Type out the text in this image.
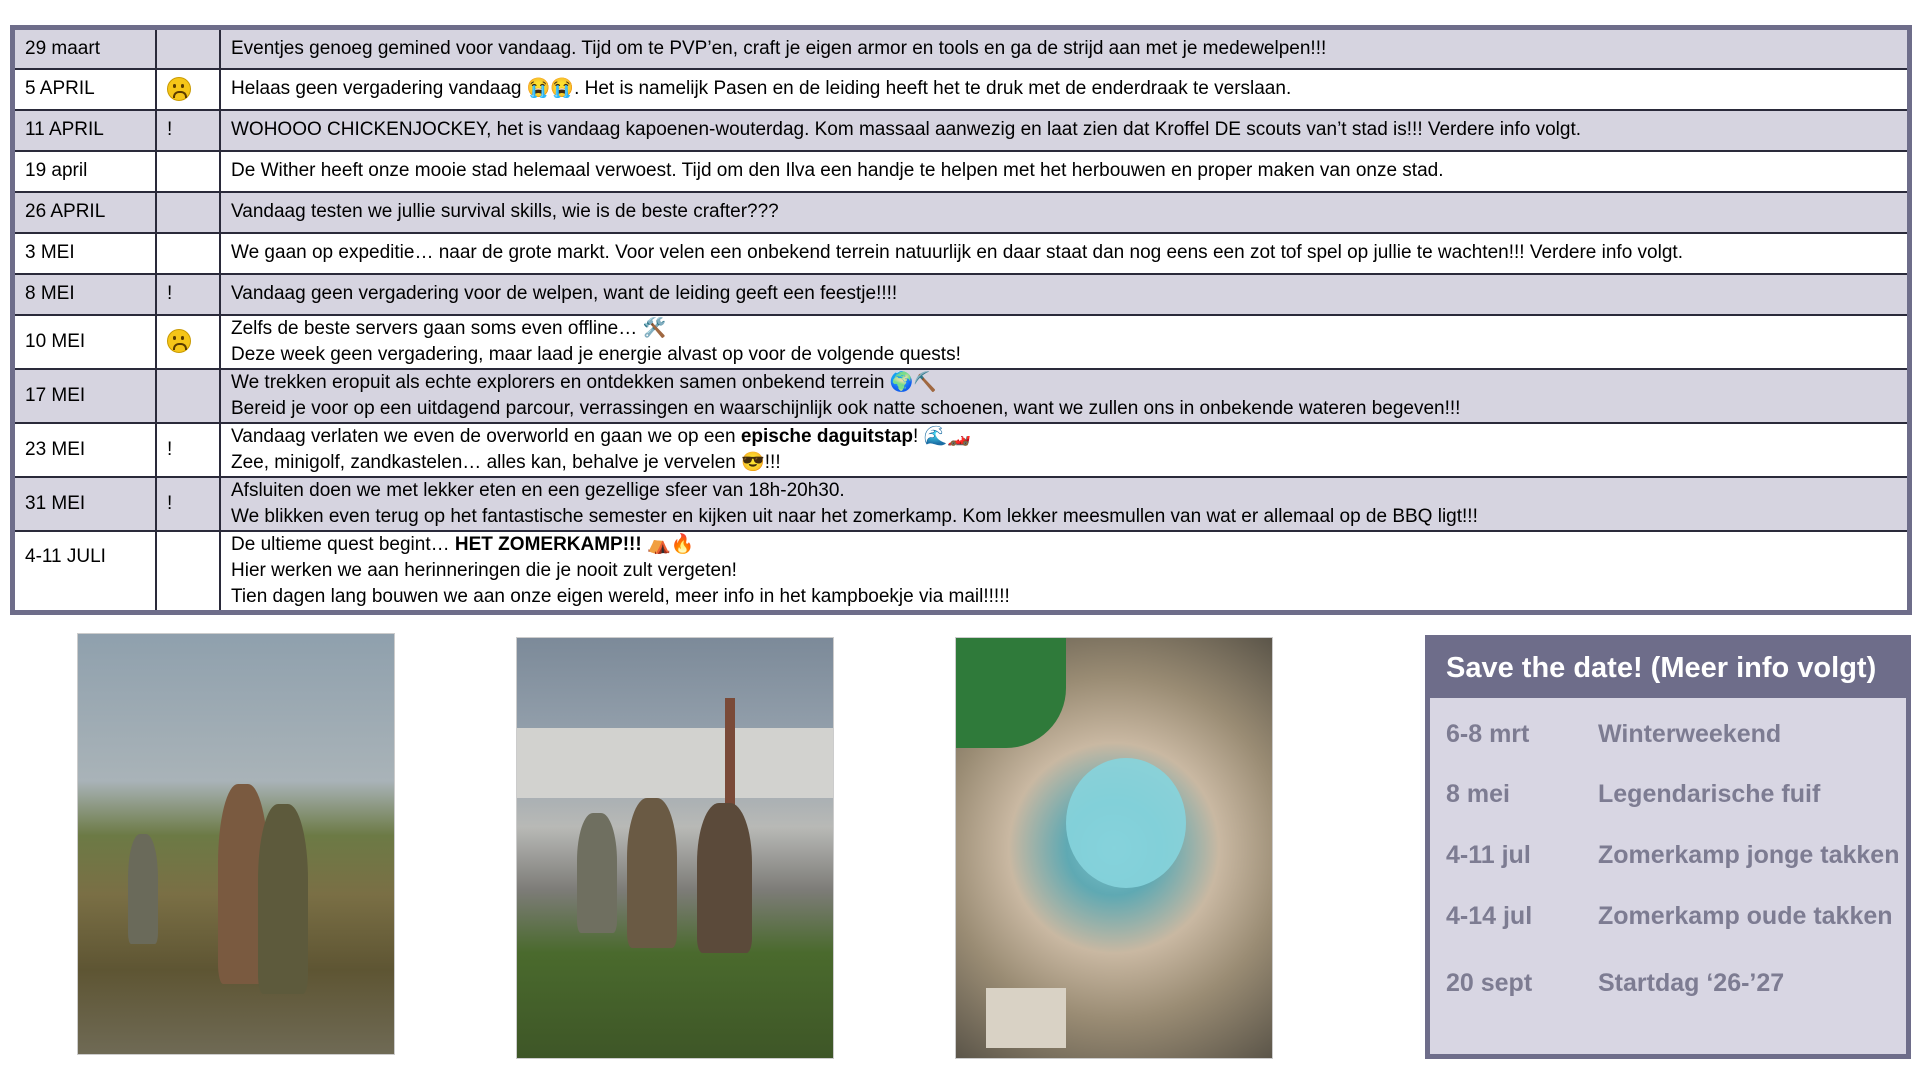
29 maart		Eventjes genoeg gemined voor vandaag. Tijd om te PVP’en, craft je eigen armor en tools en ga de strijd aan met je medewelpen!!!
5 APRIL		Helaas geen vergadering vandaag 😭😭. Het is namelijk Pasen en de leiding heeft het te druk met de enderdraak te verslaan.
11 APRIL	!	WOHOOO CHICKENJOCKEY, het is vandaag kapoenen-wouterdag. Kom massaal aanwezig en laat zien dat Kroffel DE scouts van’t stad is!!! Verdere info volgt.
19 april		De Wither heeft onze mooie stad helemaal verwoest. Tijd om den Ilva een handje te helpen met het herbouwen en proper maken van onze stad.
26 APRIL		Vandaag testen we jullie survival skills, wie is de beste crafter???
3 MEI		We gaan op expeditie… naar de grote markt. Voor velen een onbekend terrein natuurlijk en daar staat dan nog eens een zot tof spel op jullie te wachten!!! Verdere info volgt.
8 MEI	!	Vandaag geen vergadering voor de welpen, want de leiding geeft een feestje!!!!
10 MEI		Zelfs de beste servers gaan soms even offline… 🛠️
Deze week geen vergadering, maar laad je energie alvast op voor de volgende quests!

17 MEI		We trekken eropuit als echte explorers en ontdekken samen onbekend terrein 🌍⛏️
Bereid je voor op een uitdagend parcour, verrassingen en waarschijnlijk ook natte schoenen, want we zullen ons in onbekende wateren begeven!!!

23 MEI	!	Vandaag verlaten we even de overworld en gaan we op een epische daguitstap! 🌊🏎️
Zee, minigolf, zandkastelen… alles kan, behalve je vervelen 😎!!!

31 MEI	!	Afsluiten doen we met lekker eten en een gezellige sfeer van 18h-20h30.
We blikken even terug op het fantastische semester en kijken uit naar het zomerkamp. Kom lekker meesmullen van wat er allemaal op de BBQ ligt!!!

4-11 JULI		De ultieme quest begint… HET ZOMERKAMP!!! ⛺🔥
Hier werken we aan herinneringen die je nooit zult vergeten!
Tien dagen lang bouwen we aan onze eigen wereld, meer info in het kampboekje via mail!!!!!
Save the date! (Meer info volgt)
6-8 mrt	Winterweekend
8 mei	Legendarische fuif
4-11 jul	Zomerkamp jonge takken
4-14 jul	Zomerkamp oude takken
20 sept	Startdag ‘26-’27
